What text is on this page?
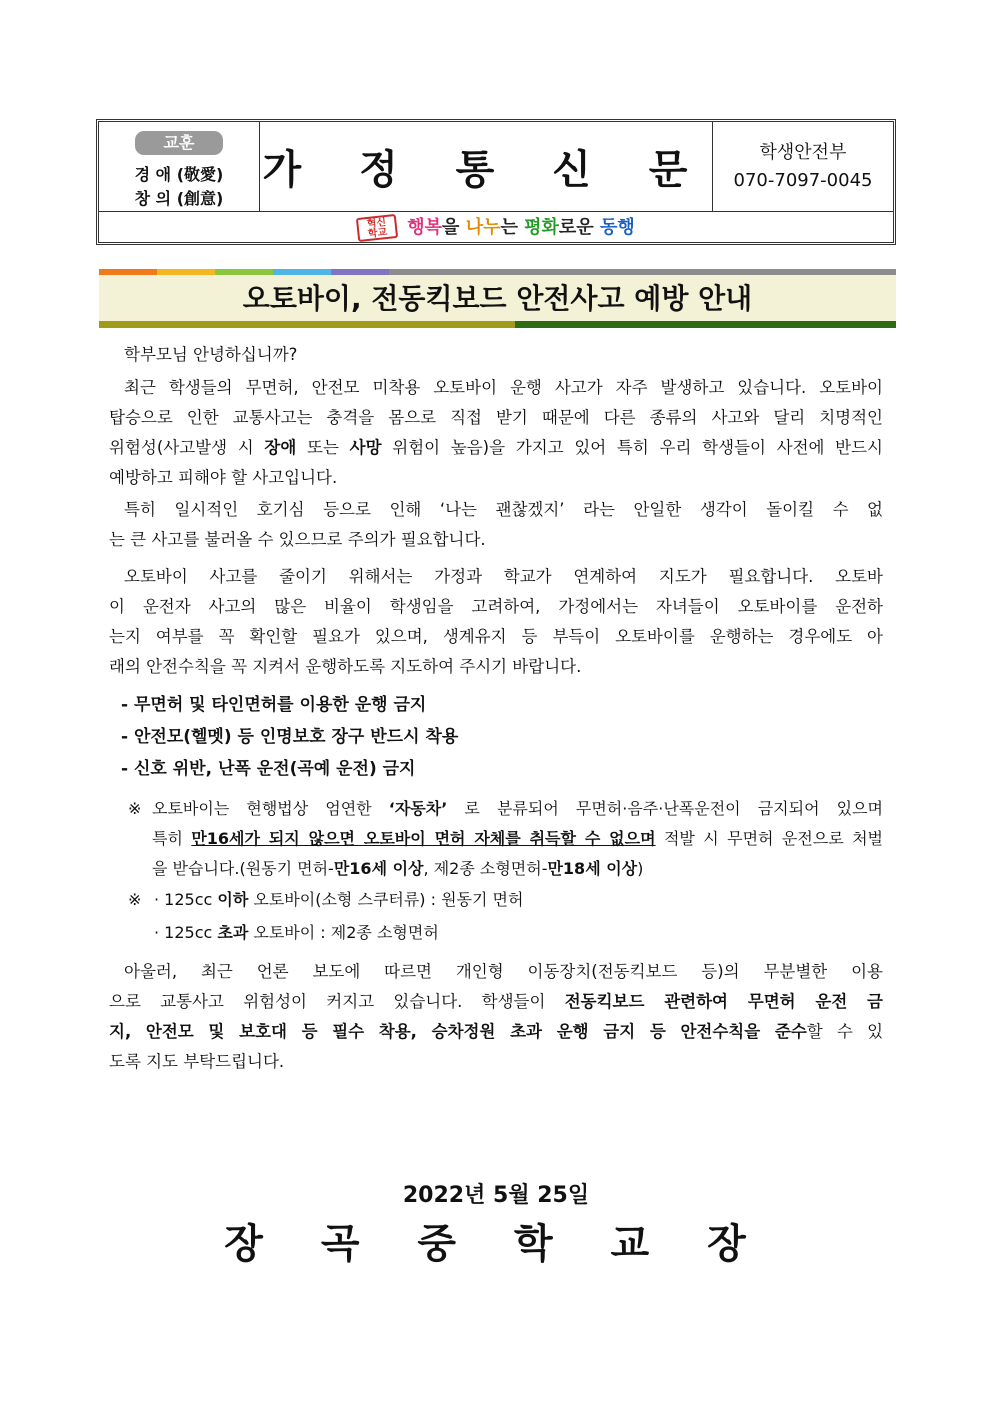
교훈
경 애 (敬愛)
창 의 (創意)
가 정 통 신 문	학생안전부
070-7097-0045
혁신
학교 행복을 나누는 평화로운 동행
오토바이, 전동킥보드 안전사고 예방 안내
학부모님 안녕하십니까?
최근 학생들의 무면허, 안전모 미착용 오토바이 운행 사고가 자주 발생하고 있습니다. 오토바이
탑승으로 인한 교통사고는 충격을 몸으로 직접 받기 때문에 다른 종류의 사고와 달리 치명적인
위험성(사고발생 시 장애 또는 사망 위험이 높음)을 가지고 있어 특히 우리 학생들이 사전에 반드시
예방하고 피해야 할 사고입니다.
특히 일시적인 호기심 등으로 인해 ‘나는 괜찮겠지’ 라는 안일한 생각이 돌이킬 수 없
는 큰 사고를 불러올 수 있으므로 주의가 필요합니다.
오토바이 사고를 줄이기 위해서는 가정과 학교가 연계하여 지도가 필요합니다. 오토바
이 운전자 사고의 많은 비율이 학생임을 고려하여, 가정에서는 자녀들이 오토바이를 운전하
는지 여부를 꼭 확인할 필요가 있으며, 생계유지 등 부득이 오토바이를 운행하는 경우에도 아
래의 안전수칙을 꼭 지켜서 운행하도록 지도하여 주시기 바랍니다.
- 무면허 및 타인면허를 이용한 운행 금지
- 안전모(헬멧) 등 인명보호 장구 반드시 착용
- 신호 위반, 난폭 운전(곡예 운전) 금지
※ 오토바이는 현행법상 엄연한 ‘자동차’ 로 분류되어 무면허·음주·난폭운전이 금지되어 있으며
특히 만16세가 되지 않으면 오토바이 면허 자체를 취득할 수 없으며 적발 시 무면허 운전으로 처벌
을 받습니다.(원동기 면허-만16세 이상, 제2종 소형면허-만18세 이상)
※ · 125cc 이하 오토바이(소형 스쿠터류) : 원동기 면허
· 125cc 초과 오토바이 : 제2종 소형면허
아울러, 최근 언론 보도에 따르면 개인형 이동장치(전동킥보드 등)의 무분별한 이용
으로 교통사고 위험성이 커지고 있습니다. 학생들이 전동킥보드 관련하여 무면허 운전 금
지, 안전모 및 보호대 등 필수 착용, 승차정원 초과 운행 금지 등 안전수칙을 준수할 수 있
도록 지도 부탁드립니다.
2022년 5월 25일
장 곡 중 학 교 장
